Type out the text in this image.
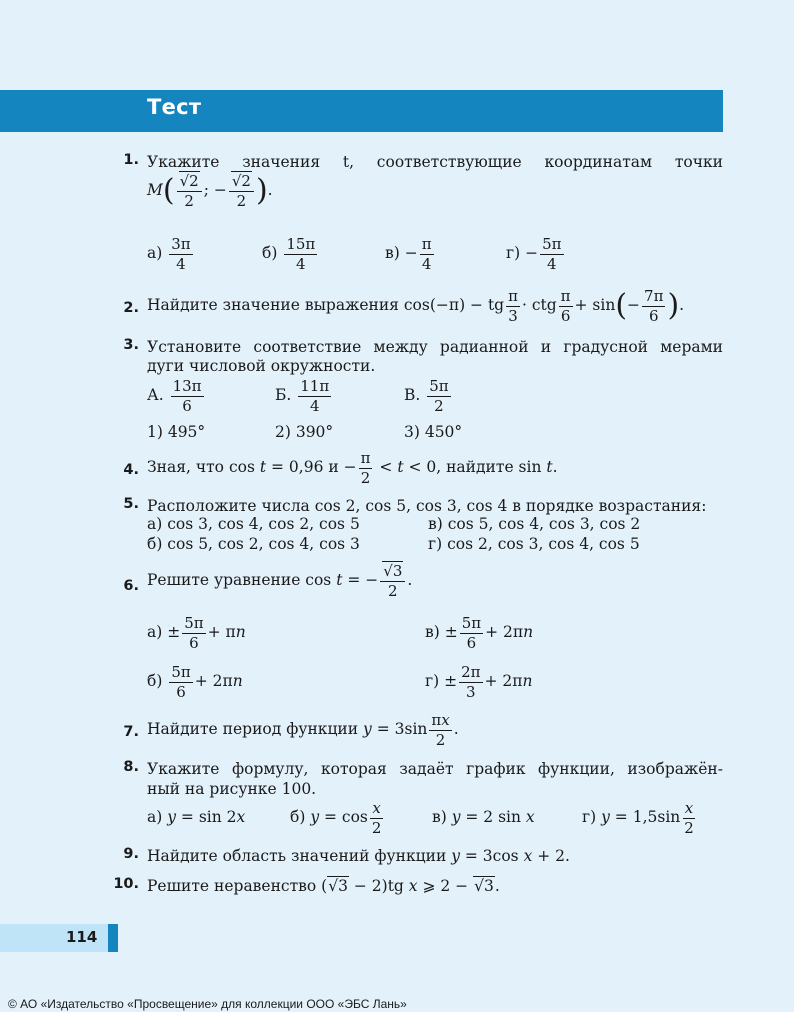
Тест
1. Укажите значения t, соответствующие координатам точки
$M( \frac{√2}{2}$ ; − $\frac{√2}{2}$ ).
$а) \frac{3\pi}{4}$	$б) \frac{15\pi}{4}$	$в) - \frac{\pi}{4}$	$г) - \frac{5\pi}{4}$
2. Найдите значение выражения cos(−π) − tg $\frac{\pi}{3}$ · ctg $\frac{\pi}{6} + \sin(- \frac{7\pi}{6}$ ).
3. Установите соответствие между радианной и градусной мерами
дуги числовой окружности.
А. $\frac{13\pi}{6}$	Б. $\frac{11\pi}{4}$	В. $\frac{5\pi}{2}$
1) 495°	2) 390°	3) 450°
4. Зная, что cos t = 0,96 $и - \frac{\pi}{2} < t < 0$, найдите sin t.
5. Расположите числа cos 2, cos 5, cos 3, cos 4 в порядке возрастания:
а) cos 3, cos 4, cos 2, cos 5	в) cos 5, cos 4, cos 3, cos 2
б) cos 5, cos 2, cos 4, cos 3	г) cos 2, cos 3, cos 4, cos 5
6. Решите уравнение cos t = − $\frac{√3}{2}$ .
$а) \pm \frac{5\pi}{6} + \pi n$	$в) \pm \frac{5\pi}{6} + 2\pi n$
$б) \frac{5\pi}{6} + 2\pi n$	$г) \pm \frac{2\pi}{3} + 2\pi n$
7. Найдите период функции $y = 3\sin \frac{\pi x}{2}$ .
8. Укажите формулу, которая задаёт график функции, изображён-
ный на рисунке 100.
а) y = sin 2x	б) $y = \cos \frac{x}{2}$	в) y = 2 sin x	г) $y = 1,5\sin \frac{x}{2}$
9. Найдите область значений функции y = 3cos x + 2.
10. Решите неравенство (√3 − 2)tg x ⩾ 2 − √3.
114
© АО «Издательство «Просвещение» для коллекции ООО «ЭБС Лань»
